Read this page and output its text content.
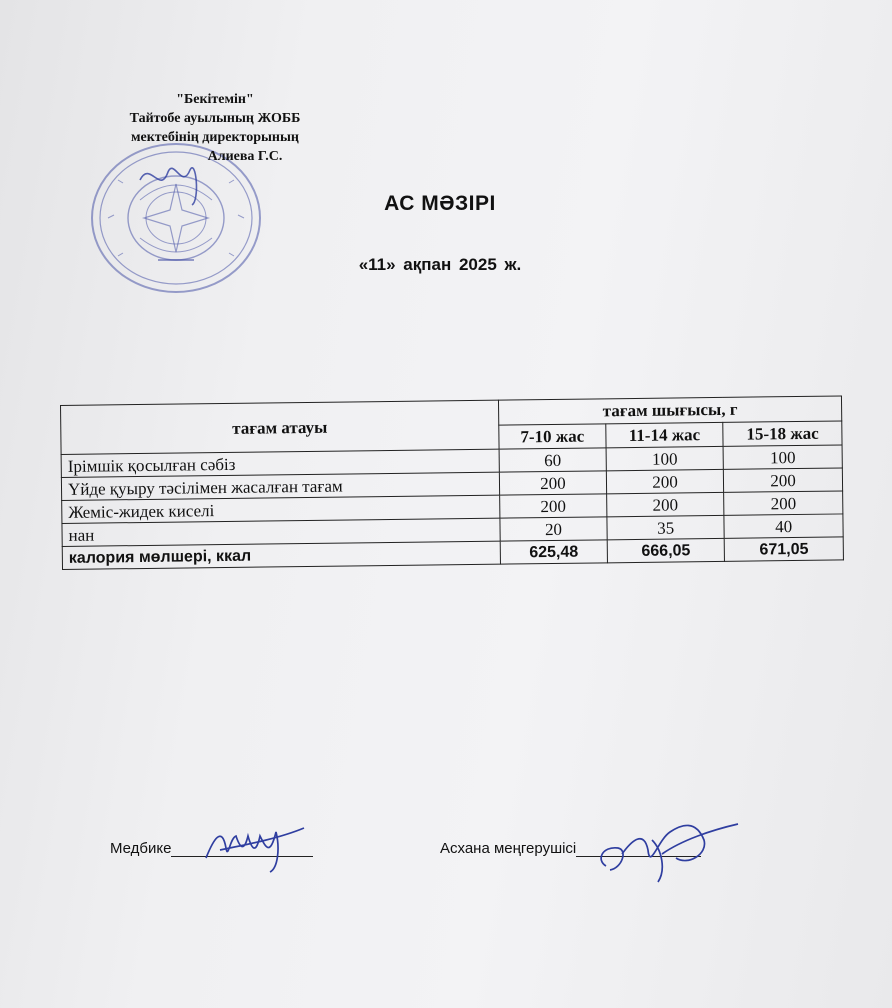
"Бекітемін"
Тайтобе ауылының ЖОББ
мектебінің директорының
Алиева Г.С.
АС МӘЗІРІ
«11» ақпан 2025 ж.
тағам атауы	тағам шығысы, г		
	7-10 жас	11-14 жас	15-18 жас
Ірімшік қосылған сәбіз	60	100	100
Үйде қуыру тәсілімен жасалған тағам	200	200	200
Жеміс-жидек киселі	200	200	200
нан	20	35	40
калория мөлшері, ккал	625,48	666,05	671,05
Медбике	Асхана меңгерушісі
